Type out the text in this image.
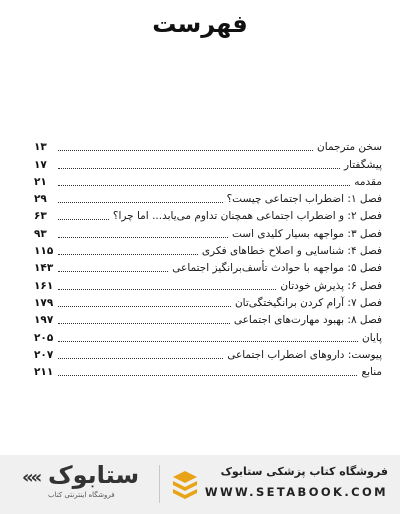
فهرست
سخن مترجمان
۱۳
پیشگفتار
۱۷
مقدمه
۲۱
فصل ۱: اضطراب اجتماعی چیست؟
۲۹
فصل ۲: و اضطراب اجتماعی همچنان تداوم می‌یابد... اما چرا؟
۶۳
فصل ۳: مواجهه بسیار کلیدی است
۹۳
فصل ۴: شناسایی و اصلاح خطاهای فکری
۱۱۵
فصل ۵: مواجهه با حوادث تأسف‌برانگیز اجتماعی
۱۴۳
فصل ۶: پذیرش خودتان
۱۶۱
فصل ۷: آرام کردن برانگیختگی‌تان
۱۷۹
فصل ۸: بهبود مهارت‌های اجتماعی
۱۹۷
پایان
۲۰۵
پیوست: داروهای اضطراب اجتماعی
۲۰۷
منابع
۲۱۱
«« ستابوک
فروشگاه اینترنتی کتاب
فروشگاه کتاب پزشکی ستابوک
WWW.SETABOOK.COM
